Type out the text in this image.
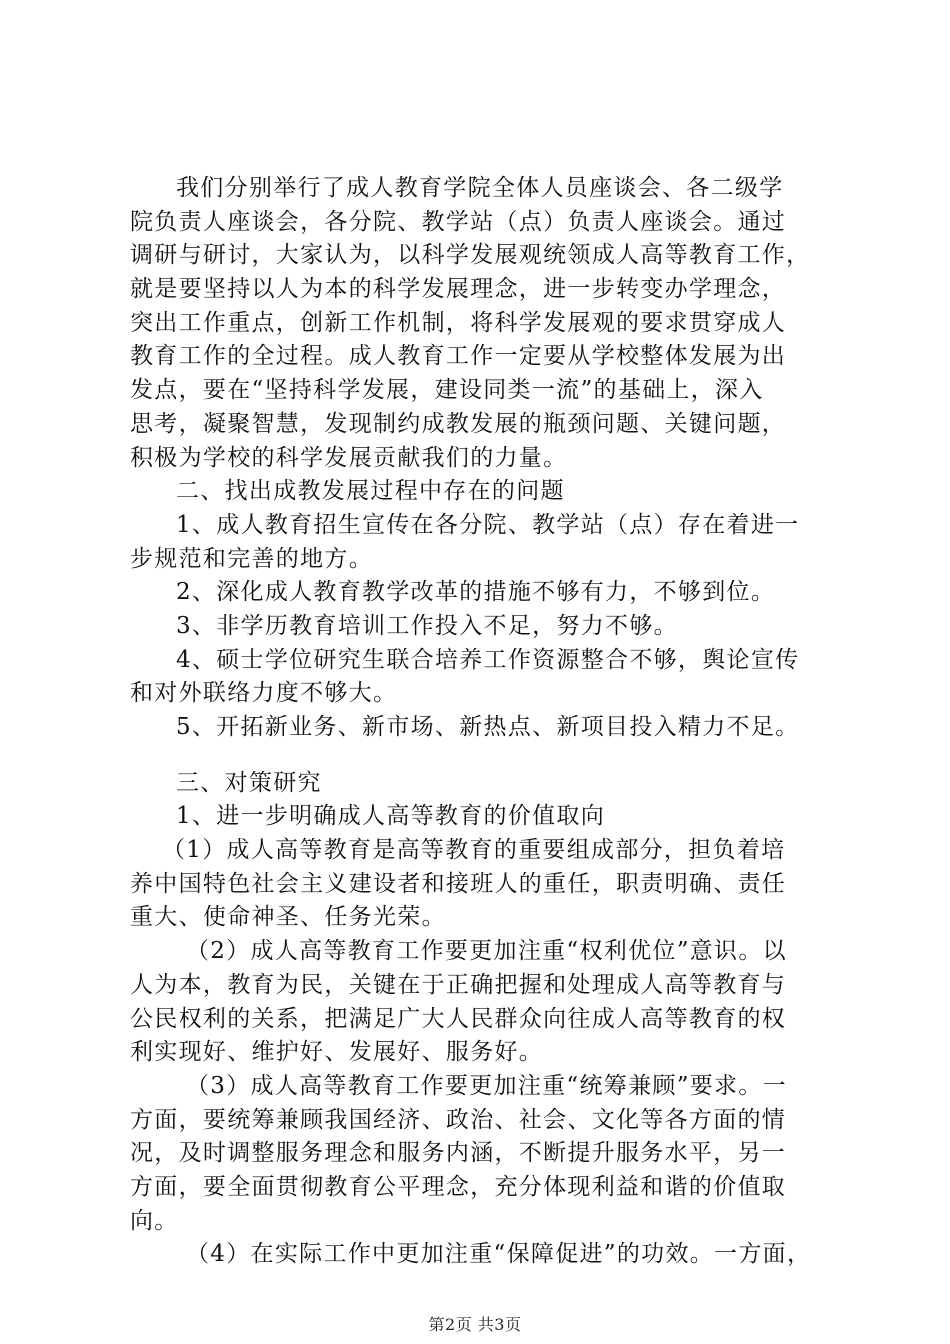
我们分别举行了成人教育学院全体人员座谈会、各二级学
院负责人座谈会，各分院、教学站（点）负责人座谈会。通过
调研与研讨，大家认为，以科学发展观统领成人高等教育工作，
就是要坚持以人为本的科学发展理念，进一步转变办学理念，
突出工作重点，创新工作机制，将科学发展观的要求贯穿成人
教育工作的全过程。成人教育工作一定要从学校整体发展为出
发点，要在“坚持科学发展，建设同类一流”的基础上，深入
思考，凝聚智慧，发现制约成教发展的瓶颈问题、关键问题，
积极为学校的科学发展贡献我们的力量。
二、找出成教发展过程中存在的问题
1、成人教育招生宣传在各分院、教学站（点）存在着进一
步规范和完善的地方。
2、深化成人教育教学改革的措施不够有力，不够到位。
3、非学历教育培训工作投入不足，努力不够。
4、硕士学位研究生联合培养工作资源整合不够，舆论宣传
和对外联络力度不够大。
5、开拓新业务、新市场、新热点、新项目投入精力不足。
三、对策研究
1、进一步明确成人高等教育的价值取向
（1）成人高等教育是高等教育的重要组成部分，担负着培
养中国特色社会主义建设者和接班人的重任，职责明确、责任
重大、使命神圣、任务光荣。
（2）成人高等教育工作要更加注重“权利优位”意识。以
人为本，教育为民，关键在于正确把握和处理成人高等教育与
公民权利的关系，把满足广大人民群众向往成人高等教育的权
利实现好、维护好、发展好、服务好。
（3）成人高等教育工作要更加注重“统筹兼顾”要求。一
方面，要统筹兼顾我国经济、政治、社会、文化等各方面的情
况，及时调整服务理念和服务内涵，不断提升服务水平，另一
方面，要全面贯彻教育公平理念，充分体现利益和谐的价值取
向。
（4）在实际工作中更加注重“保障促进”的功效。一方面，
第2页 共3页
